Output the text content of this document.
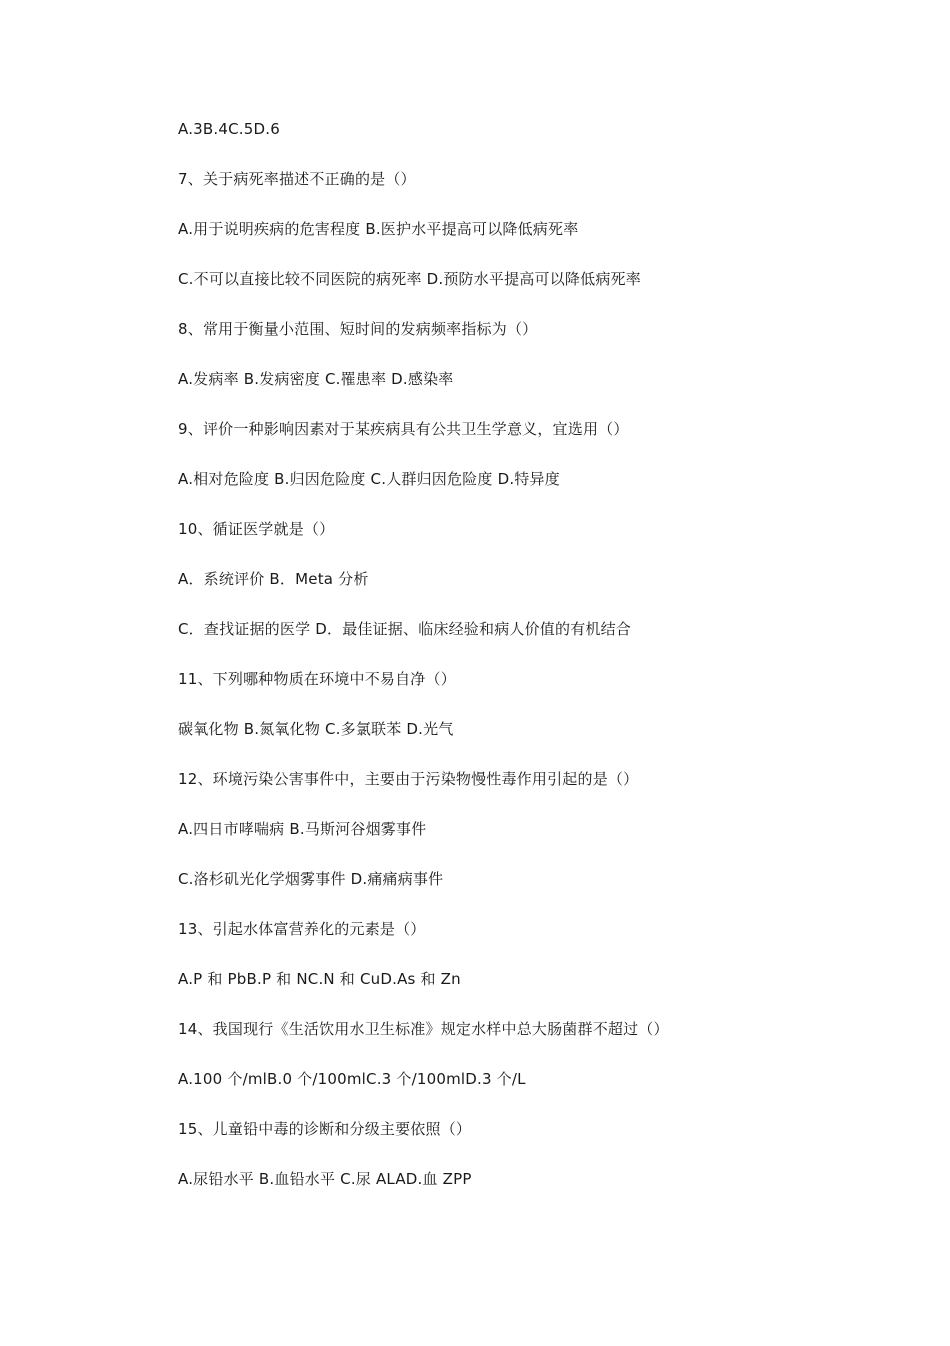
A.3B.4C.5D.6
7、关于病死率描述不正确的是（）
A.用于说明疾病的危害程度 B.医护水平提高可以降低病死率
C.不可以直接比较不同医院的病死率 D.预防水平提高可以降低病死率
8、常用于衡量小范围、短时间的发病频率指标为（）
A.发病率 B.发病密度 C.罹患率 D.感染率
9、评价一种影响因素对于某疾病具有公共卫生学意义，宜选用（）
A.相对危险度 B.归因危险度 C.人群归因危险度 D.特异度
10、循证医学就是（）
A．系统评价 B．Meta 分析
C．查找证据的医学 D．最佳证据、临床经验和病人价值的有机结合
11、下列哪种物质在环境中不易自净（）
碳氧化物 B.氮氧化物 C.多氯联苯 D.光气
12、环境污染公害事件中，主要由于污染物慢性毒作用引起的是（）
A.四日市哮喘病 B.马斯河谷烟雾事件
C.洛杉矶光化学烟雾事件 D.痛痛病事件
13、引起水体富营养化的元素是（）
A.P 和 PbB.P 和 NC.N 和 CuD.As 和 Zn
14、我国现行《生活饮用水卫生标准》规定水样中总大肠菌群不超过（）
A.100 个/mlB.0 个/100mlC.3 个/100mlD.3 个/L
15、儿童铅中毒的诊断和分级主要依照（）
A.尿铅水平 B.血铅水平 C.尿 ALAD.血 ZPP
